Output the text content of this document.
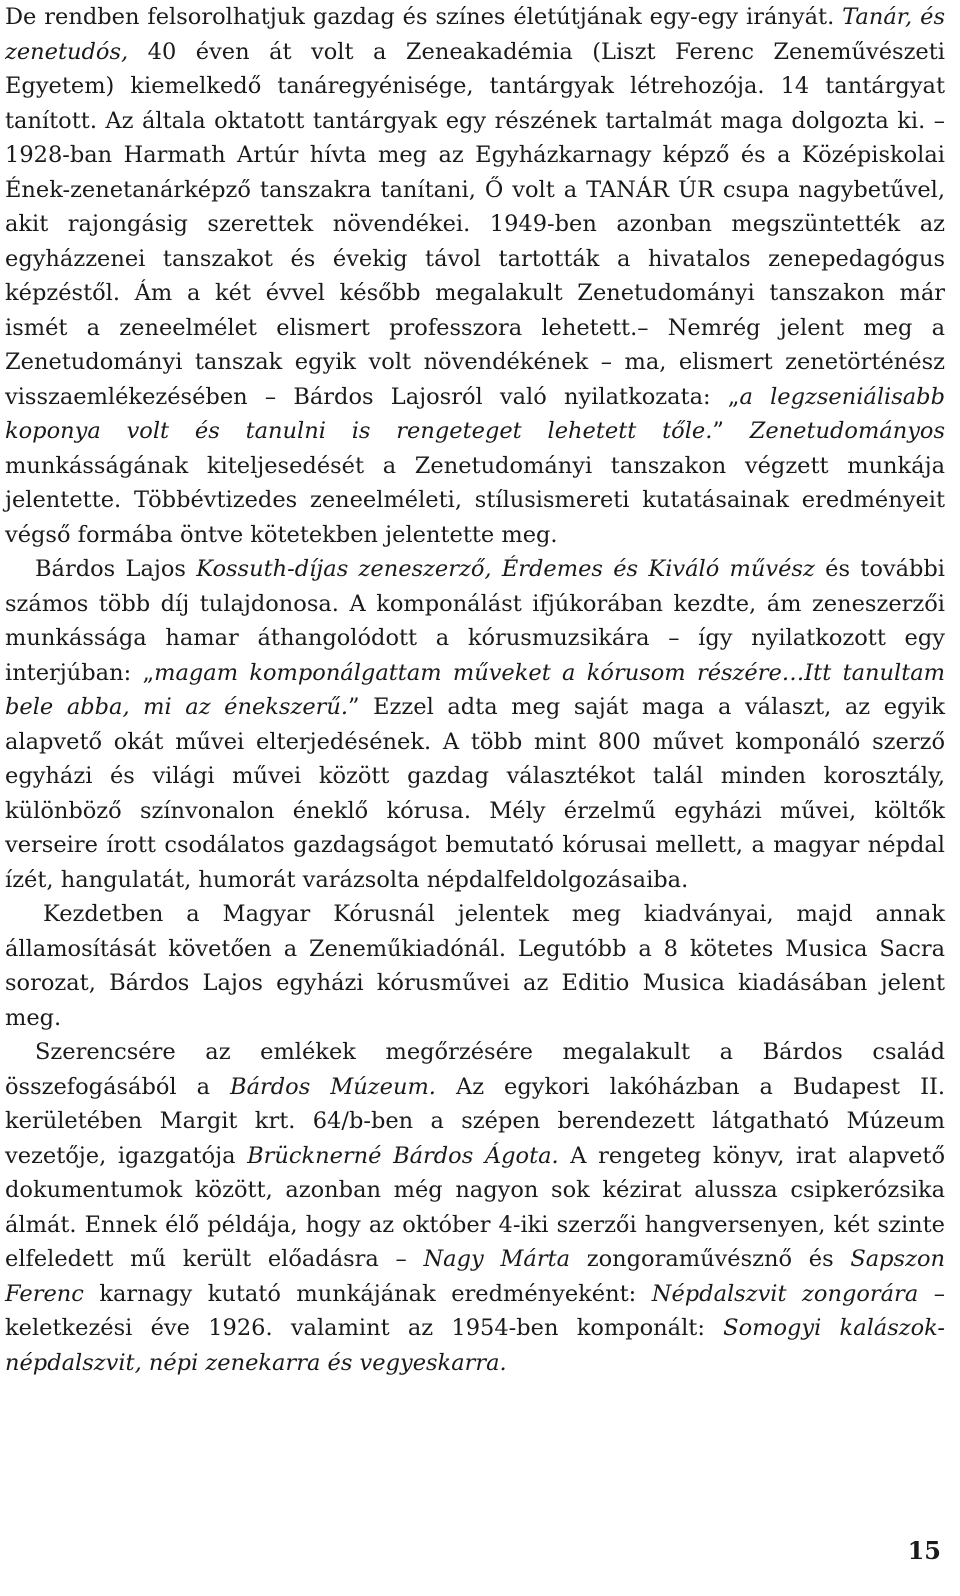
De rendben felsorolhatjuk gazdag és színes életútjának egy-egy irányát. Tanár, és zenetudós, 40 éven át volt a Zeneakadémia (Liszt Ferenc Zeneművészeti Egyetem) kiemelkedő tanáregyénisége, tantárgyak létrehozója. 14 tantárgyat tanított. Az általa oktatott tantárgyak egy részének tartalmát maga dolgozta ki. – 1928-ban Harmath Artúr hívta meg az Egyházkarnagy képző és a Középiskolai Ének-zenetanárképző tanszakra tanítani, Ő volt a TANÁR ÚR csupa nagybetűvel, akit rajongásig szerettek növendékei. 1949-ben azonban megszüntették az egyházzenei tanszakot és évekig távol tartották a hivatalos zenepedagógus képzéstől. Ám a két évvel később megalakult Zenetudományi tanszakon már ismét a zeneelmélet elismert professzora lehetett.– Nemrég jelent meg a Zenetudományi tanszak egyik volt növendékének – ma, elismert zenetörténész visszaemlékezésében – Bárdos Lajosról való nyilatkozata: „a legzseniálisabb koponya volt és tanulni is rengeteget lehetett tőle.” Zenetudományos munkásságának kiteljesedését a Zenetudományi tanszakon végzett munkája jelentette. Többévtizedes zeneelméleti, stílusismereti kutatásainak eredményeit végső formába öntve kötetekben jelentette meg.

Bárdos Lajos Kossuth-díjas zeneszerző, Érdemes és Kiváló művész és további számos több díj tulajdonosa. A komponálást ifjúkorában kezdte, ám zeneszerzői munkássága hamar áthangolódott a kórusmuzsikára – így nyilatkozott egy interjúban: „magam komponálgattam műveket a kórusom részére…Itt tanultam bele abba, mi az énekszerű.” Ezzel adta meg saját maga a választ, az egyik alapvető okát művei elterjedésének. A több mint 800 művet komponáló szerző egyházi és világi művei között gazdag választékot talál minden korosztály, különböző színvonalon éneklő kórusa. Mély érzelmű egyházi művei, költők verseire írott csodálatos gazdagságot bemutató kórusai mellett, a magyar népdal ízét, hangulatát, humorát varázsolta népdalfeldolgozásaiba.

Kezdetben a Magyar Kórusnál jelentek meg kiadványai, majd annak államosítását követően a Zeneműkiadónál. Legutóbb a 8 kötetes Musica Sacra sorozat, Bárdos Lajos egyházi kórusművei az Editio Musica kiadásában jelent meg.

Szerencsére az emlékek megőrzésére megalakult a Bárdos család összefogásából a Bárdos Múzeum. Az egykori lakóházban a Budapest II. kerületében Margit krt. 64/b-ben a szépen berendezett látgatható Múzeum vezetője, igazgatója Brücknerné Bárdos Ágota. A rengeteg könyv, irat alapvető dokumentumok között, azonban még nagyon sok kézirat alussza csipkerózsika álmát. Ennek élő példája, hogy az október 4-iki szerzői hangversenyen, két szinte elfeledett mű került előadásra – Nagy Márta zongoraművésznő és Sapszon Ferenc karnagy kutató munkájának eredményeként: Népdalszvit zongorára – keletkezési éve 1926. valamint az 1954-ben komponált: Somogyi kalászok- népdalszvit, népi zenekarra és vegyeskarra.

15
